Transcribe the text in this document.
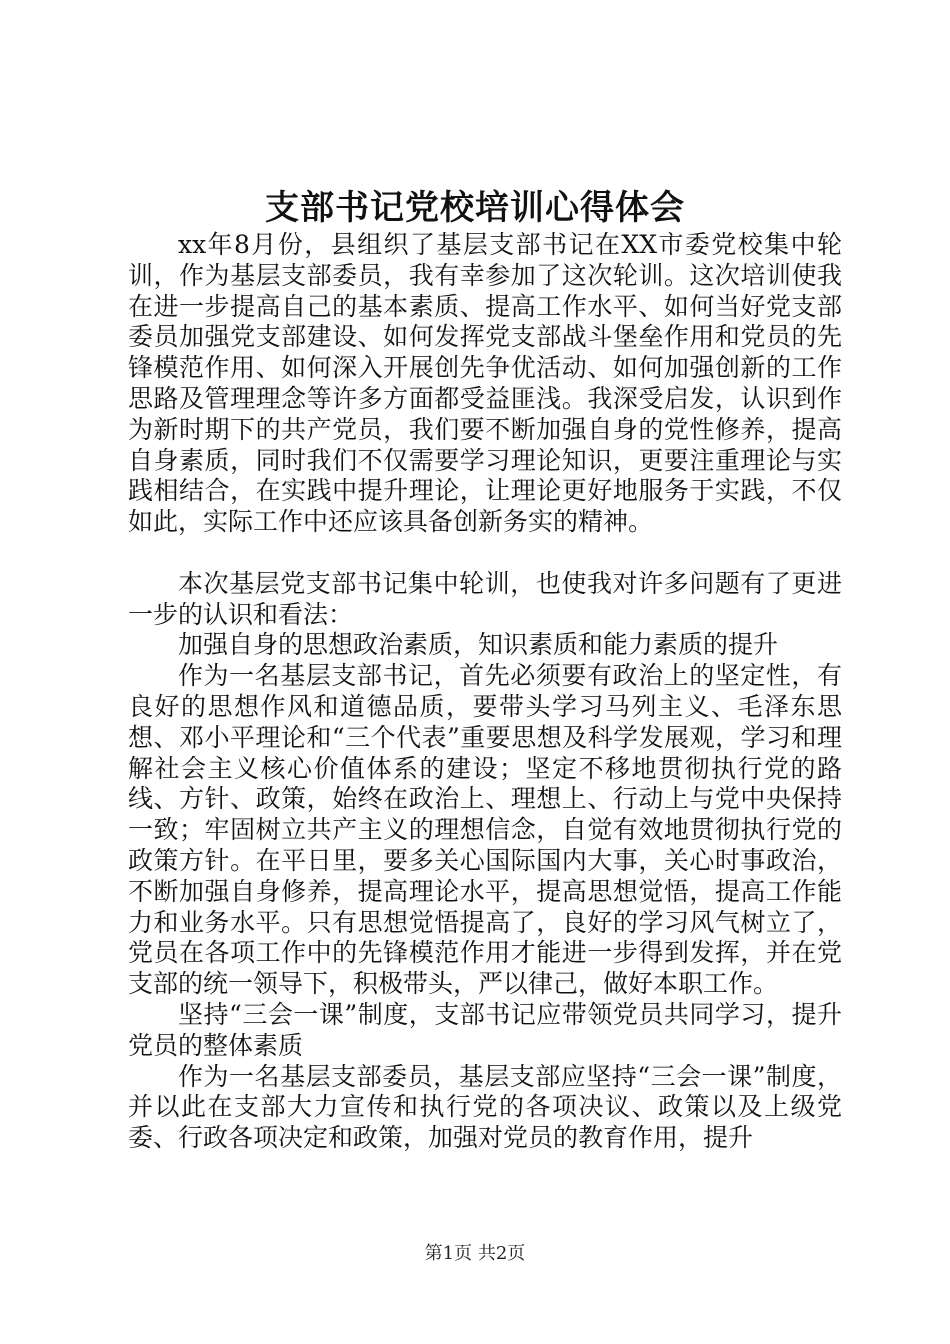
支部书记党校培训心得体会

xx年8月份，县组织了基层支部书记在XX市委党校集中轮训，作为基层支部委员，我有幸参加了这次轮训。这次培训使我在进一步提高自己的基本素质、提高工作水平、如何当好党支部委员加强党支部建设、如何发挥党支部战斗堡垒作用和党员的先锋模范作用、如何深入开展创先争优活动、如何加强创新的工作思路及管理理念等许多方面都受益匪浅。我深受启发，认识到作为新时期下的共产党员，我们要不断加强自身的党性修养，提高自身素质，同时我们不仅需要学习理论知识，更要注重理论与实践相结合，在实践中提升理论，让理论更好地服务于实践，不仅如此，实际工作中还应该具备创新务实的精神。

本次基层党支部书记集中轮训，也使我对许多问题有了更进一步的认识和看法：

加强自身的思想政治素质，知识素质和能力素质的提升

作为一名基层支部书记，首先必须要有政治上的坚定性，有良好的思想作风和道德品质，要带头学习马列主义、毛泽东思想、邓小平理论和“三个代表”重要思想及科学发展观，学习和理解社会主义核心价值体系的建设；坚定不移地贯彻执行党的路线、方针、政策，始终在政治上、理想上、行动上与党中央保持一致；牢固树立共产主义的理想信念，自觉有效地贯彻执行党的政策方针。在平日里，要多关心国际国内大事，关心时事政治，不断加强自身修养，提高理论水平，提高思想觉悟，提高工作能力和业务水平。只有思想觉悟提高了，良好的学习风气树立了，党员在各项工作中的先锋模范作用才能进一步得到发挥，并在党支部的统一领导下，积极带头，严以律己，做好本职工作。

坚持“三会一课”制度，支部书记应带领党员共同学习，提升党员的整体素质

作为一名基层支部委员，基层支部应坚持“三会一课”制度，并以此在支部大力宣传和执行党的各项决议、政策以及上级党委、行政各项决定和政策，加强对党员的教育作用，提升

第1页 共2页
